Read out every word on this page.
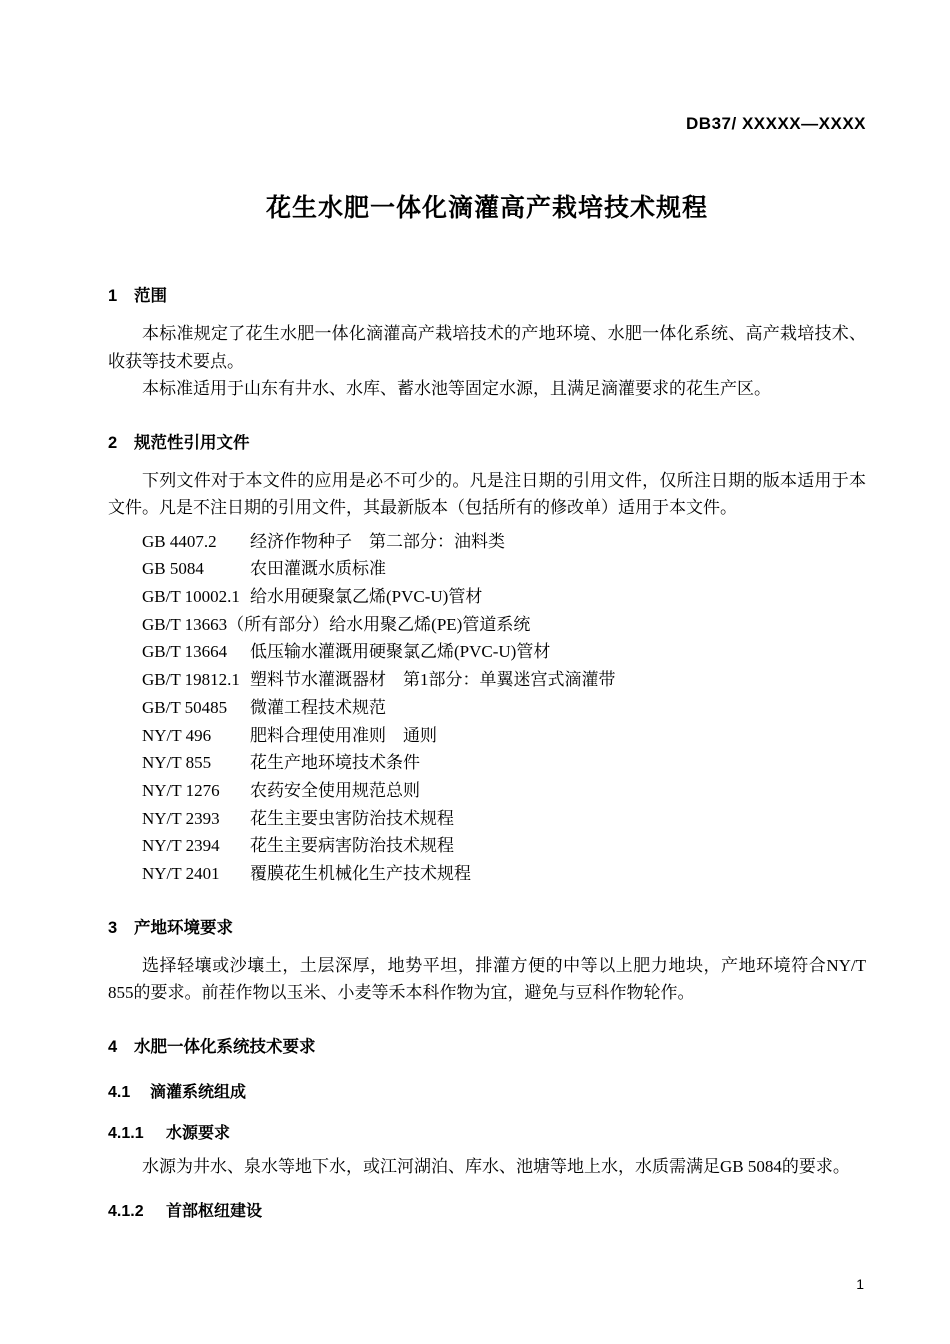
DB37/ XXXXX—XXXX
花生水肥一体化滴灌高产栽培技术规程
1 范围

本标准规定了花生水肥一体化滴灌高产栽培技术的产地环境、水肥一体化系统、高产栽培技术、收获等技术要点。

本标准适用于山东有井水、水库、蓄水池等固定水源，且满足滴灌要求的花生产区。

2 规范性引用文件

下列文件对于本文件的应用是必不可少的。凡是注日期的引用文件，仅所注日期的版本适用于本文件。凡是不注日期的引用文件，其最新版本（包括所有的修改单）适用于本文件。

GB 4407.2 经济作物种子　第二部分：油料类
GB 5084	农田灌溉水质标准
GB/T 10002.1 给水用硬聚氯乙烯(PVC-U)管材
GB/T 13663（所有部分）给水用聚乙烯(PE)管道系统
GB/T 13664 低压输水灌溉用硬聚氯乙烯(PVC-U)管材
GB/T 19812.1 塑料节水灌溉器材　第1部分：单翼迷宫式滴灌带
GB/T 50485 微灌工程技术规范
NY/T 496 肥料合理使用准则　通则
NY/T 855 花生产地环境技术条件
NY/T 1276 农药安全使用规范总则
NY/T 2393 花生主要虫害防治技术规程
NY/T 2394 花生主要病害防治技术规程
NY/T 2401 覆膜花生机械化生产技术规程
3 产地环境要求

选择轻壤或沙壤土，土层深厚，地势平坦，排灌方便的中等以上肥力地块，产地环境符合NY/T 855的要求。前茬作物以玉米、小麦等禾本科作物为宜，避免与豆科作物轮作。

4 水肥一体化系统技术要求
4.1 滴灌系统组成
4.1.1 水源要求

水源为井水、泉水等地下水，或江河湖泊、库水、池塘等地上水，水质需满足GB 5084的要求。

4.1.2 首部枢纽建设
1
